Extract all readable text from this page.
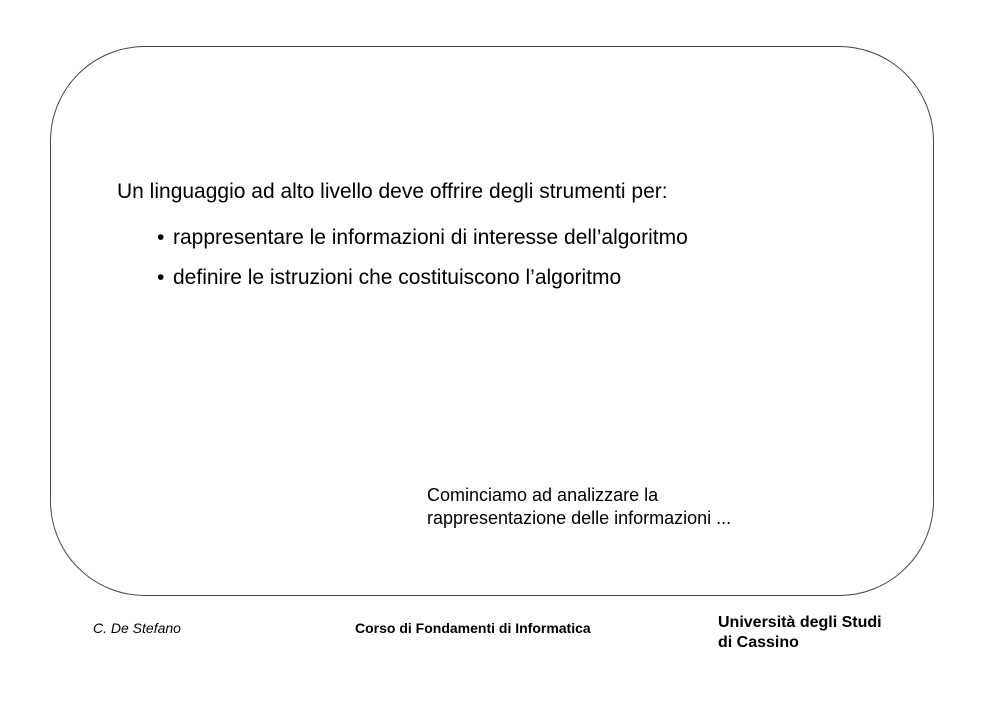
Un linguaggio ad alto livello deve offrire degli strumenti per:

• rappresentare le informazioni di interesse dell’algoritmo
• definire le istruzioni che costituiscono l’algoritmo
Cominciamo ad analizzare la
rappresentazione delle informazioni ...
C. De Stefano	Corso di Fondamenti di Informatica	Università degli Studi
di Cassino
